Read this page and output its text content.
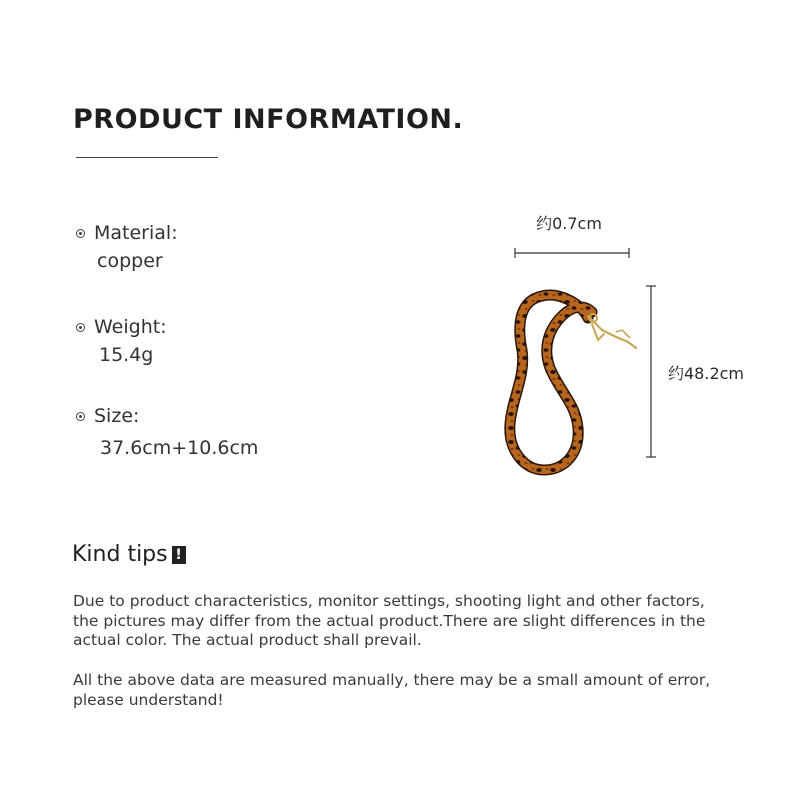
PRODUCT INFORMATION.
Material:
copper
Weight:
15.4g
Size:
37.6cm+10.6cm
约0.7cm
约48.2cm
Kind tips !
Due to product characteristics, monitor settings, shooting light and other factors, the pictures may differ from the actual product.There are slight differences in the actual color. The actual product shall prevail.
All the above data are measured manually, there may be a small amount of error, please understand!
